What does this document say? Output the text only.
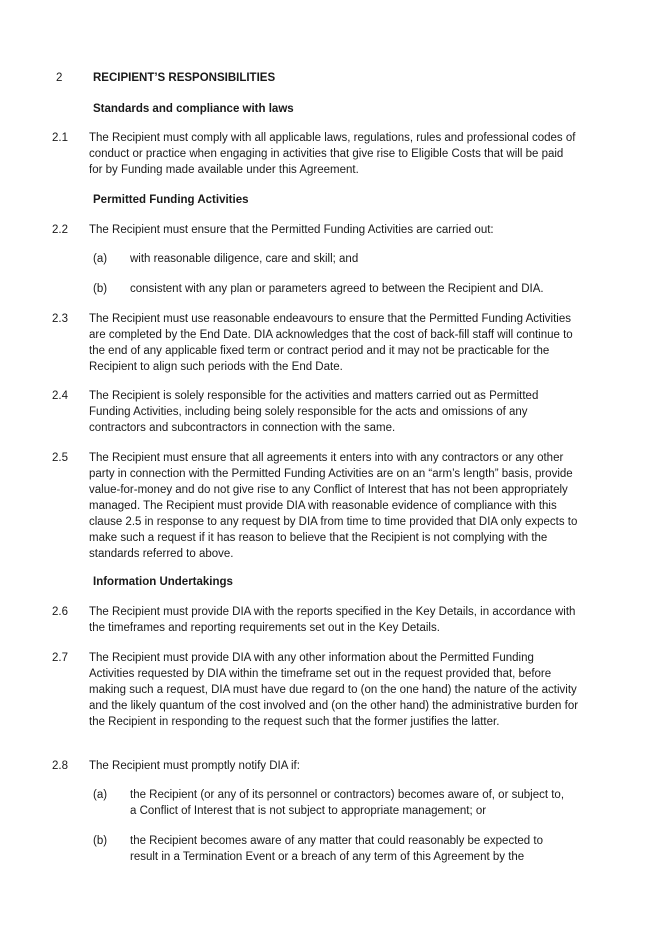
2	RECIPIENT’S RESPONSIBILITIES
Standards and compliance with laws
2.1 The Recipient must comply with all applicable laws, regulations, rules and professional codes of conduct or practice when engaging in activities that give rise to Eligible Costs that will be paid for by Funding made available under this Agreement.
Permitted Funding Activities
2.2 The Recipient must ensure that the Permitted Funding Activities are carried out:
(a) with reasonable diligence, care and skill; and
(b) consistent with any plan or parameters agreed to between the Recipient and DIA.
2.3 The Recipient must use reasonable endeavours to ensure that the Permitted Funding Activities are completed by the End Date. DIA acknowledges that the cost of back-fill staff will continue to the end of any applicable fixed term or contract period and it may not be practicable for the Recipient to align such periods with the End Date.
2.4 The Recipient is solely responsible for the activities and matters carried out as Permitted Funding Activities, including being solely responsible for the acts and omissions of any contractors and subcontractors in connection with the same.
2.5 The Recipient must ensure that all agreements it enters into with any contractors or any other party in connection with the Permitted Funding Activities are on an “arm’s length” basis, provide value-for-money and do not give rise to any Conflict of Interest that has not been appropriately managed. The Recipient must provide DIA with reasonable evidence of compliance with this clause 2.5 in response to any request by DIA from time to time provided that DIA only expects to make such a request if it has reason to believe that the Recipient is not complying with the standards referred to above.
Information Undertakings
2.6 The Recipient must provide DIA with the reports specified in the Key Details, in accordance with the timeframes and reporting requirements set out in the Key Details.
2.7 The Recipient must provide DIA with any other information about the Permitted Funding Activities requested by DIA within the timeframe set out in the request provided that, before making such a request, DIA must have due regard to (on the one hand) the nature of the activity and the likely quantum of the cost involved and (on the other hand) the administrative burden for the Recipient in responding to the request such that the former justifies the latter.
2.8 The Recipient must promptly notify DIA if:
(a) the Recipient (or any of its personnel or contractors) becomes aware of, or subject to, a Conflict of Interest that is not subject to appropriate management; or
(b) the Recipient becomes aware of any matter that could reasonably be expected to result in a Termination Event or a breach of any term of this Agreement by the
